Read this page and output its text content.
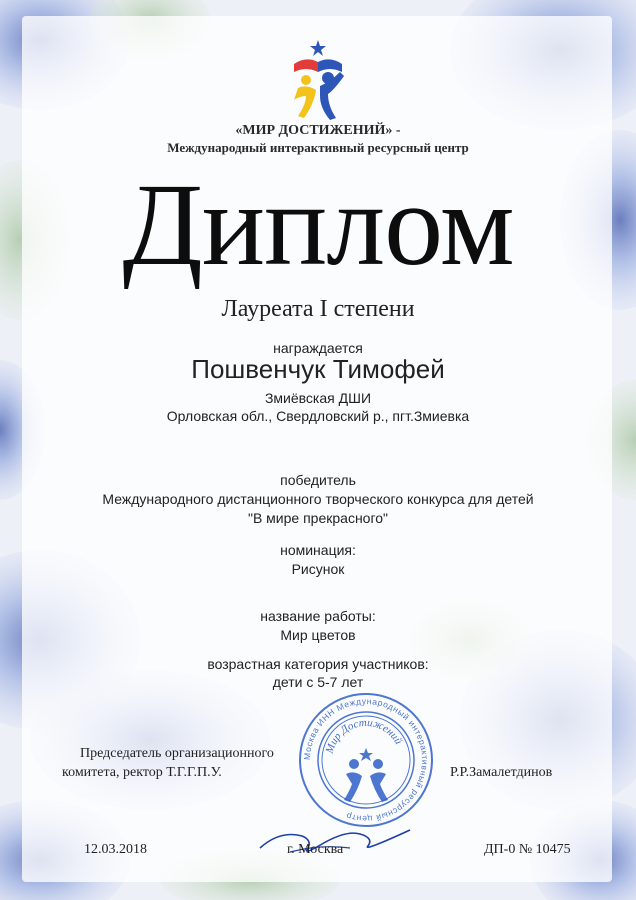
«МИР ДОСТИЖЕНИЙ» -
Международный интерактивный ресурсный центр
Диплом
Лауреата I степени
награждается
Пошвенчук Тимофей
Змиёвская ДШИ
Орловская обл., Свердловский р., пгт.Змиевка
победитель
Международного дистанционного творческого конкурса для детей
"В мире прекрасного"
номинация:
Рисунок
название работы:
Мир цветов
возрастная категория участников:
дети с 5-7 лет
Москва ИНН Международный интерактивный ресурсный центр
Мир Достижений
Председатель организационного
комитета, ректор Т.Г.Г.П.У.	Р.Р.Замалетдинов
12.03.2018	г. Москва	ДП-0 № 10475
